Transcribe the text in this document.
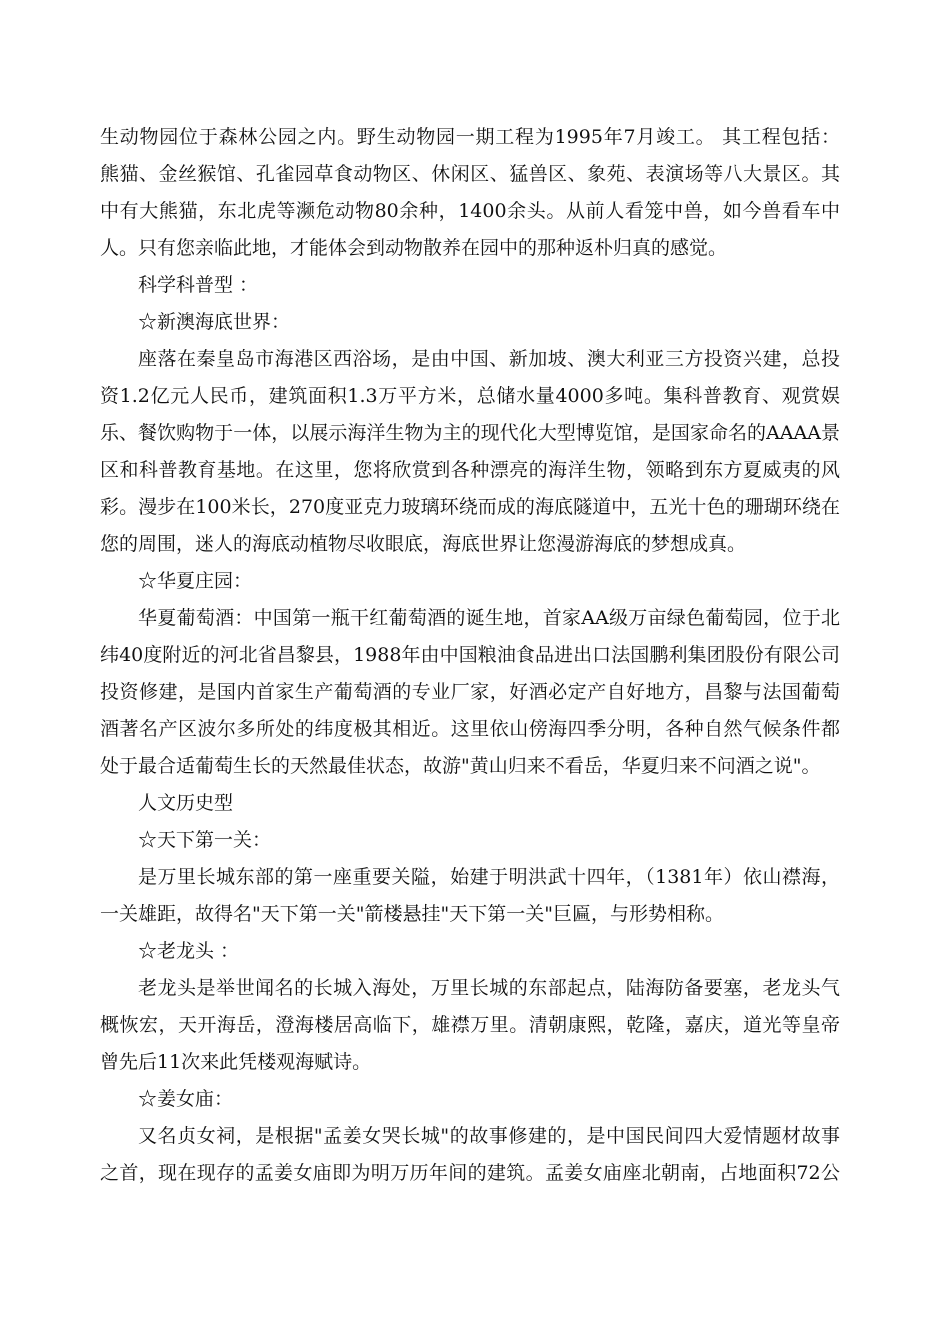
生动物园位于森林公园之内。野生动物园一期工程为1995年7月竣工。 其工程包括：
熊猫、金丝猴馆、孔雀园草食动物区、休闲区、猛兽区、象苑、表演场等八大景区。其
中有大熊猫，东北虎等濒危动物80余种，1400余头。从前人看笼中兽，如今兽看车中
人。只有您亲临此地，才能体会到动物散养在园中的那种返朴归真的感觉。
科学科普型 ：
☆新澳海底世界：
座落在秦皇岛市海港区西浴场，是由中国、新加坡、澳大利亚三方投资兴建，总投
资1.2亿元人民币，建筑面积1.3万平方米，总储水量4000多吨。集科普教育、观赏娱
乐、餐饮购物于一体，以展示海洋生物为主的现代化大型博览馆，是国家命名的AAAA景
区和科普教育基地。在这里，您将欣赏到各种漂亮的海洋生物，领略到东方夏威夷的风
彩。漫步在100米长，270度亚克力玻璃环绕而成的海底隧道中，五光十色的珊瑚环绕在
您的周围，迷人的海底动植物尽收眼底，海底世界让您漫游海底的梦想成真。
☆华夏庄园：
华夏葡萄酒：中国第一瓶干红葡萄酒的诞生地，首家AA级万亩绿色葡萄园，位于北
纬40度附近的河北省昌黎县，1988年由中国粮油食品进出口法国鹏利集团股份有限公司
投资修建，是国内首家生产葡萄酒的专业厂家，好酒必定产自好地方，昌黎与法国葡萄
酒著名产区波尔多所处的纬度极其相近。这里依山傍海四季分明，各种自然气候条件都
处于最合适葡萄生长的天然最佳状态，故游"黄山归来不看岳，华夏归来不问酒之说"。
人文历史型
☆天下第一关：
是万里长城东部的第一座重要关隘，始建于明洪武十四年，（1381年）依山襟海，
一关雄距，故得名"天下第一关"箭楼悬挂"天下第一关"巨匾，与形势相称。
☆老龙头 ：
老龙头是举世闻名的长城入海处，万里长城的东部起点，陆海防备要塞，老龙头气
概恢宏，天开海岳，澄海楼居高临下，雄襟万里。清朝康熙，乾隆，嘉庆，道光等皇帝
曾先后11次来此凭楼观海赋诗。
☆姜女庙：
又名贞女祠，是根据"孟姜女哭长城"的故事修建的，是中国民间四大爱情题材故事
之首，现在现存的孟姜女庙即为明万历年间的建筑。孟姜女庙座北朝南，占地面积72公
